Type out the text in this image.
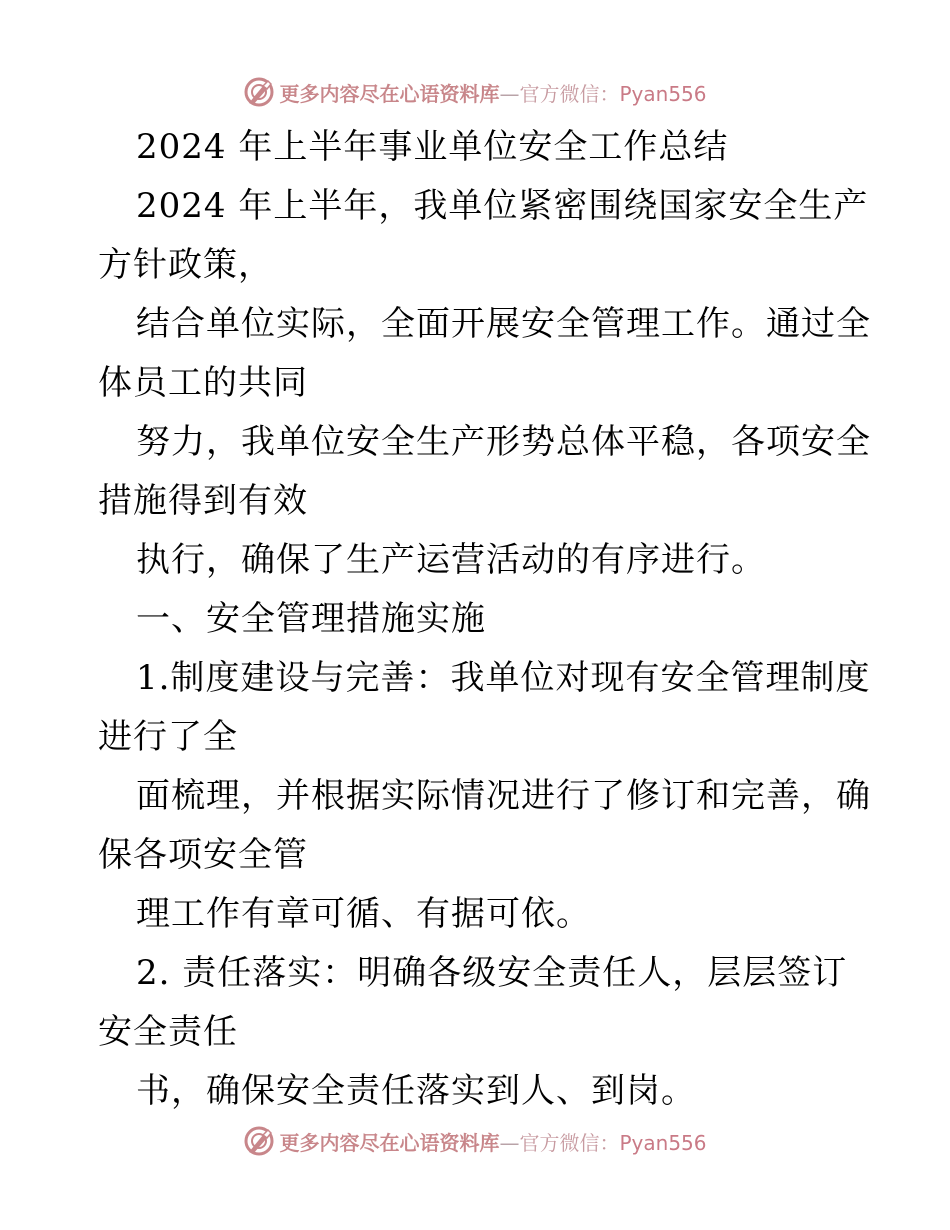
更多内容尽在心语资料库—官方微信：Pyan556
2024 年上半年事业单位安全工作总结
2024 年上半年，我单位紧密围绕国家安全生产
方针政策，
结合单位实际，全面开展安全管理工作。通过全
体员工的共同
努力，我单位安全生产形势总体平稳，各项安全
措施得到有效
执行，确保了生产运营活动的有序进行。
一、安全管理措施实施
1.制度建设与完善：我单位对现有安全管理制度
进行了全
面梳理，并根据实际情况进行了修订和完善，确
保各项安全管
理工作有章可循、有据可依。
2. 责任落实：明确各级安全责任人，层层签订
安全责任
书，确保安全责任落实到人、到岗。
更多内容尽在心语资料库—官方微信：Pyan556
